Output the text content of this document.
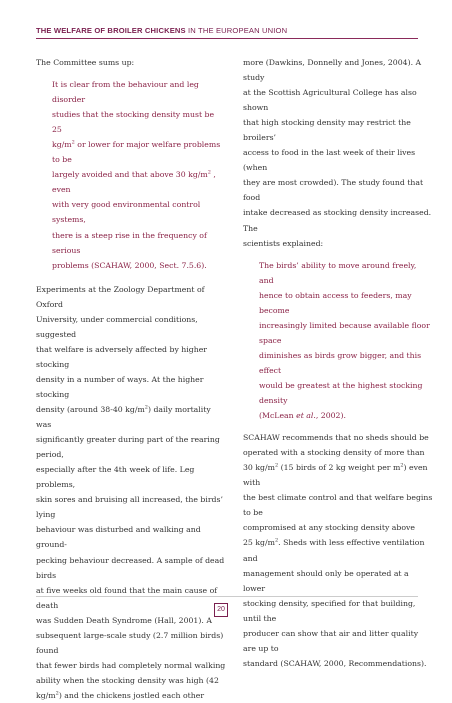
THE WELFARE OF BROILER CHICKENS IN THE EUROPEAN UNION

The Committee sums up:

It is clear from the behaviour and leg disorder
studies that the stocking density must be 25
$kg/m^2$ or lower for major welfare problems to be
largely avoided and that above 30 $kg/m^2$ , even
with very good environmental control systems,
there is a steep rise in the frequency of serious
problems (SCAHAW, 2000, Sect. 7.5.6).

Experiments at the Zoology Department of Oxford
University, under commercial conditions, suggested
that welfare is adversely affected by higher stocking
density in a number of ways. At the higher stocking
density (around 38-40 $kg/m^2$) daily mortality was
significantly greater during part of the rearing period,
especially after the 4th week of life. Leg problems,
skin sores and bruising all increased, the birds’ lying
behaviour was disturbed and walking and ground-
pecking behaviour decreased. A sample of dead birds
at five weeks old found that the main cause of death
was Sudden Death Syndrome (Hall, 2001). A
subsequent large-scale study (2.7 million birds) found
that fewer birds had completely normal walking
ability when the stocking density was high (42
$kg/m^2$) and the chickens jostled each other

more (Dawkins, Donnelly and Jones, 2004). A study
at the Scottish Agricultural College has also shown
that high stocking density may restrict the broilers’
access to food in the last week of their lives (when
they are most crowded). The study found that food
intake decreased as stocking density increased. The
scientists explained:

The birds’ ability to move around freely, and
hence to obtain access to feeders, may become
increasingly limited because available floor space
diminishes as birds grow bigger, and this effect
would be greatest at the highest stocking density
(McLean et al., 2002).

SCAHAW recommends that no sheds should be
operated with a stocking density of more than
30 $kg/m^2$ (15 birds of 2 kg weight per $m^2$) even with
the best climate control and that welfare begins to be
compromised at any stocking density above
25 $kg/m^2$. Sheds with less effective ventilation and
management should only be operated at a lower
stocking density, specified for that building, until the
producer can show that air and litter quality are up to
standard (SCAHAW, 2000, Recommendations).

20
